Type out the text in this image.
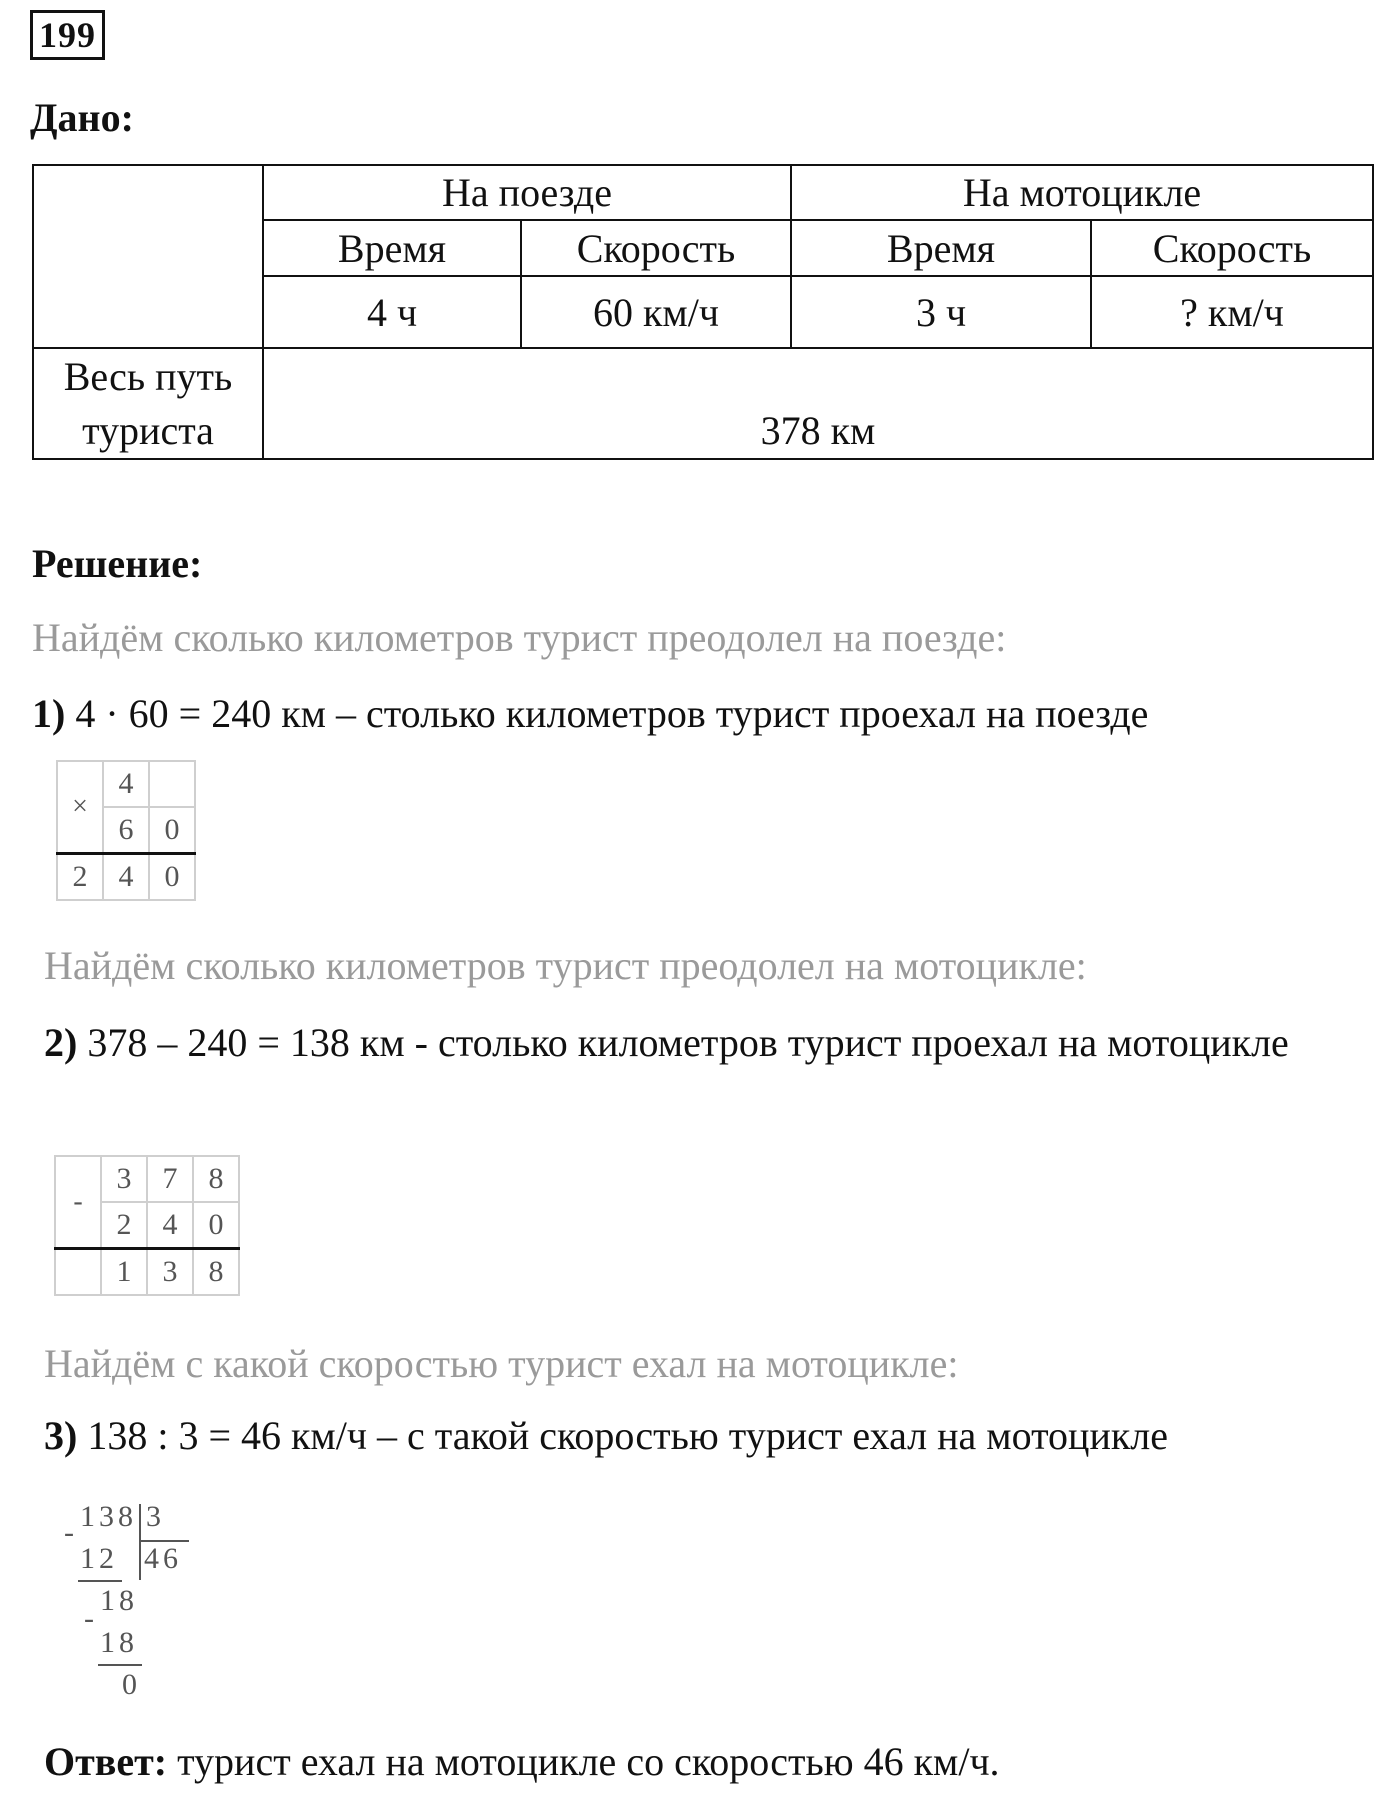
199
Дано:
	На поезде		На мотоцикле	
	Время	Скорость	Время	Скорость
	4 ч	60 км/ч	3 ч	? км/ч

Весь путь
туриста	378 км			
Решение:
Найдём сколько километров турист преодолел на поезде:
1) 4 · 60 = 240 км – столько километров турист проехал на поезде
×	4	
	6	0
2	4	0
Найдём сколько километров турист преодолел на мотоцикле:
2) 378 – 240 = 138 км - столько километров турист проехал на мотоцикле
-	3	7	8
	2	4	0
	1	3	8
Найдём с какой скоростью турист ехал на мотоцикле:
3) 138 : 3 = 46 км/ч – с такой скоростью турист ехал на мотоцикле
138 3
46
-
12
18
-
18
0
Ответ: турист ехал на мотоцикле со скоростью 46 км/ч.
